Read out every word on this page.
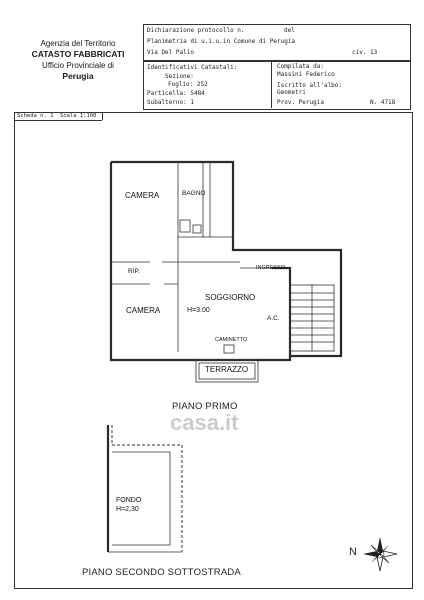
Agenzia del Territorio
CATASTO FABBRICATI
Ufficio Provinciale di
Perugia
Dichiarazione protocollo n.	del
Planimetria di u.i.u.in Comune di Perugia
Via Del Palio	civ. 13
Identificativi Catastali:
Sezione:
Foglio: 252
Particella: 5484
Subalterno: 1
Compilata da:
Massini Federico
Iscritto all'albo:
Geometri
Prov. Perugia	N. 4718
Scheda n. 1 Scala 1:100
CAMERA	BAGNO
RIP.	INGRESSO
CAMERA
SOGGIORNO
H=3.00
A.C.
CAMINETTO
TERRAZZO
FONDO
H=2,30
PIANO PRIMO
PIANO SECONDO SOTTOSTRADA
casa.it
N
